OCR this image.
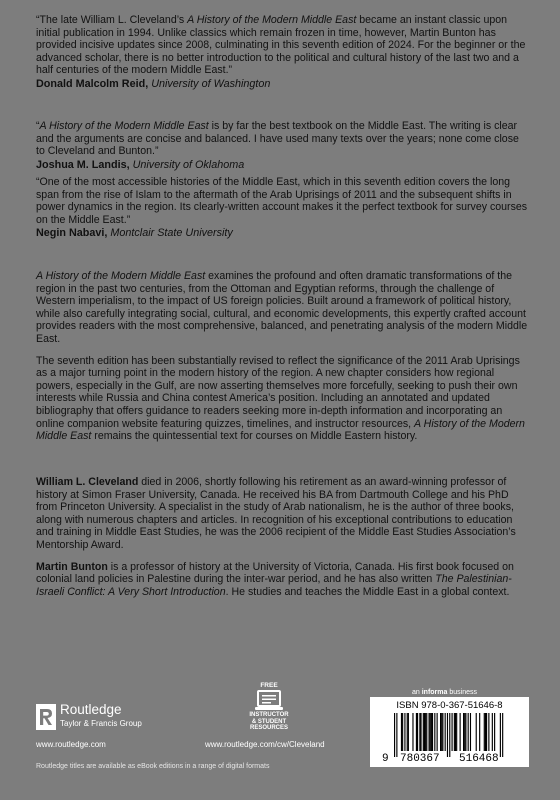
“The late William L. Cleveland’s A History of the Modern Middle East became an instant classic upon initial publication in 1994. Unlike classics which remain frozen in time, however, Martin Bunton has provided incisive updates since 2008, culminating in this seventh edition of 2024. For the beginner or the advanced scholar, there is no better introduction to the political and cultural history of the last two and a half centuries of the modern Middle East.”

Donald Malcolm Reid, University of Washington

“A History of the Modern Middle East is by far the best textbook on the Middle East. The writing is clear and the arguments are concise and balanced. I have used many texts over the years; none come close to Cleveland and Bunton.”

Joshua M. Landis, University of Oklahoma

“One of the most accessible histories of the Middle East, which in this seventh edition covers the long span from the rise of Islam to the aftermath of the Arab Uprisings of 2011 and the subsequent shifts in power dynamics in the region. Its clearly-written account makes it the perfect textbook for survey courses on the Middle East.”

Negin Nabavi, Montclair State University

A History of the Modern Middle East examines the profound and often dramatic transformations of the region in the past two centuries, from the Ottoman and Egyptian reforms, through the challenge of Western imperialism, to the impact of US foreign policies. Built around a framework of political history, while also carefully integrating social, cultural, and economic developments, this expertly crafted account provides readers with the most comprehensive, balanced, and penetrating analysis of the modern Middle East.

The seventh edition has been substantially revised to reflect the significance of the 2011 Arab Uprisings as a major turning point in the modern history of the region. A new chapter considers how regional powers, especially in the Gulf, are now asserting themselves more forcefully, seeking to push their own interests while Russia and China contest America’s position. Including an annotated and updated bibliography that offers guidance to readers seeking more in-depth information and incorporating an online companion website featuring quizzes, timelines, and instructor resources, A History of the Modern Middle East remains the quintessential text for courses on Middle Eastern history.

William L. Cleveland died in 2006, shortly following his retirement as an award-winning professor of history at Simon Fraser University, Canada. He received his BA from Dartmouth College and his PhD from Princeton University. A specialist in the study of Arab nationalism, he is the author of three books, along with numerous chapters and articles. In recognition of his exceptional contributions to education and training in Middle East Studies, he was the 2006 recipient of the Middle East Studies Association’s Mentorship Award.

Martin Bunton is a professor of history at the University of Victoria, Canada. His first book focused on colonial land policies in Palestine during the inter-war period, and he has also written The Palestinian-Israeli Conflict: A Very Short Introduction. He studies and teaches the Middle East in a global context.

Routledge
Taylor & Francis Group
www.routledge.com
Routledge titles are available as eBook editions in a range of digital formats
FREE
INSTRUCTOR
& STUDENT
RESOURCES
www.routledge.com/cw/Cleveland
an informa business
ISBN 978-0-367-51646-8
9 780367 516468
